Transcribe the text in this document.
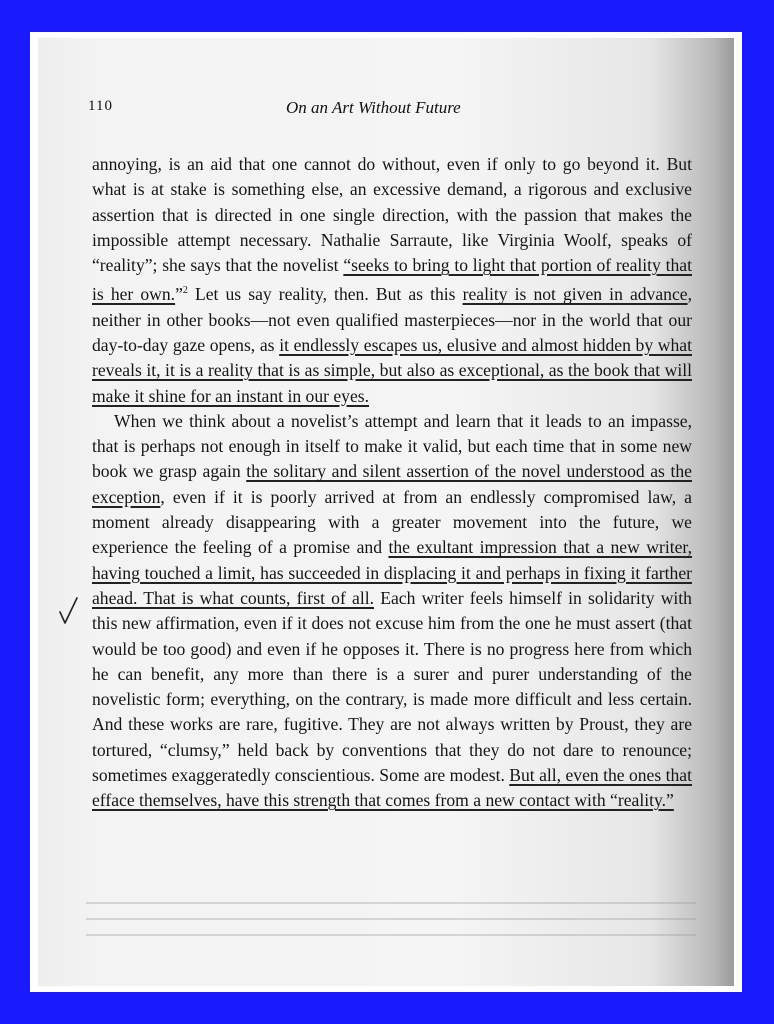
110	On an Art Without Future

annoying, is an aid that one cannot do without, even if only to go beyond it. But what is at stake is something else, an excessive demand, a rigorous and exclusive assertion that is directed in one single direction, with the passion that makes the impossible attempt necessary. Nathalie Sarraute, like Virginia Woolf, speaks of “reality”; she says that the novelist “seeks to bring to light that portion of reality that is her own.”$^2$ Let us say reality, then. But as this reality is not given in advance, neither in other books—not even qualified masterpieces—nor in the world that our day-to-day gaze opens, as it endlessly escapes us, elusive and almost hidden by what reveals it, it is a reality that is as simple, but also as exceptional, as the book that will make it shine for an instant in our eyes.

When we think about a novelist’s attempt and learn that it leads to an impasse, that is perhaps not enough in itself to make it valid, but each time that in some new book we grasp again the solitary and silent assertion of the novel understood as the exception, even if it is poorly arrived at from an endlessly compromised law, a moment already disappearing with a greater movement into the future, we experience the feeling of a promise and the exultant impression that a new writer, having touched a limit, has succeeded in displacing it and perhaps in fixing it farther ahead. That is what counts, first of all. Each writer feels himself in solidarity with this new affirmation, even if it does not excuse him from the one he must assert (that would be too good) and even if he opposes it. There is no progress here from which he can benefit, any more than there is a surer and purer understanding of the novelistic form; everything, on the contrary, is made more difficult and less certain. And these works are rare, fugitive. They are not always written by Proust, they are tortured, “clumsy,” held back by conventions that they do not dare to renounce; sometimes exaggeratedly conscientious. Some are modest. But all, even the ones that efface themselves, have this strength that comes from a new contact with “reality.”
